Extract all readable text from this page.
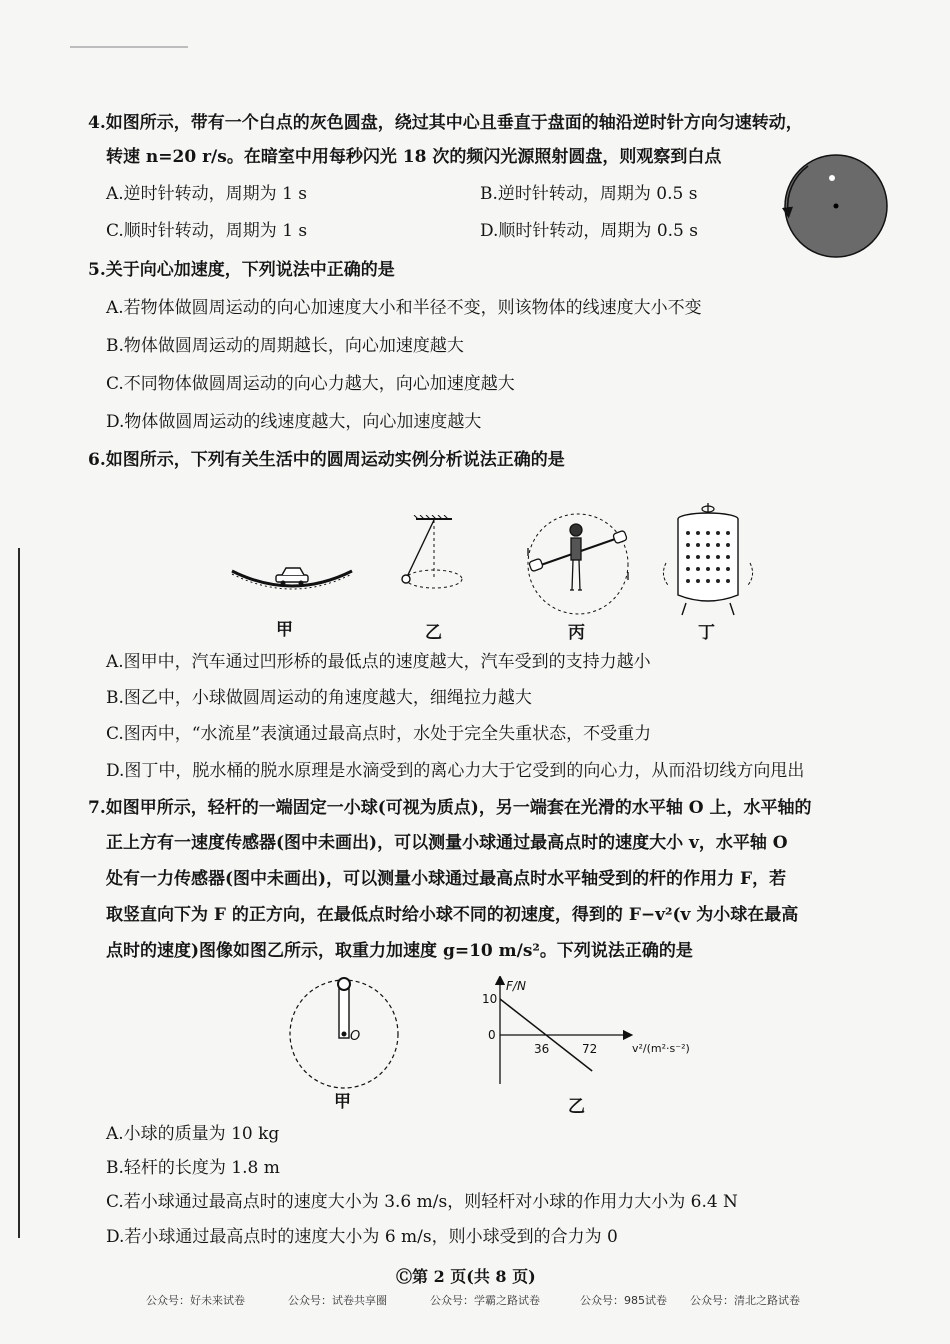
4.如图所示，带有一个白点的灰色圆盘，绕过其中心且垂直于盘面的轴沿逆时针方向匀速转动，
转速 n=20 r/s。在暗室中用每秒闪光 18 次的频闪光源照射圆盘，则观察到白点
A.逆时针转动，周期为 1 s	B.逆时针转动，周期为 0.5 s
C.顺时针转动，周期为 1 s	D.顺时针转动，周期为 0.5 s
5.关于向心加速度，下列说法中正确的是
A.若物体做圆周运动的向心加速度大小和半径不变，则该物体的线速度大小不变
B.物体做圆周运动的周期越长，向心加速度越大
C.不同物体做圆周运动的向心力越大，向心加速度越大
D.物体做圆周运动的线速度越大，向心加速度越大
6.如图所示，下列有关生活中的圆周运动实例分析说法正确的是
甲	乙	丙	丁
A.图甲中，汽车通过凹形桥的最低点的速度越大，汽车受到的支持力越小
B.图乙中，小球做圆周运动的角速度越大，细绳拉力越大
C.图丙中，“水流星”表演通过最高点时，水处于完全失重状态，不受重力
D.图丁中，脱水桶的脱水原理是水滴受到的离心力大于它受到的向心力，从而沿切线方向甩出
7.如图甲所示，轻杆的一端固定一小球(可视为质点)，另一端套在光滑的水平轴 O 上，水平轴的
正上方有一速度传感器(图中未画出)，可以测量小球通过最高点时的速度大小 v，水平轴 O
处有一力传感器(图中未画出)，可以测量小球通过最高点时水平轴受到的杆的作用力 F，若
取竖直向下为 F 的正方向，在最低点时给小球不同的初速度，得到的 F−v²(v 为小球在最高
点时的速度)图像如图乙所示，取重力加速度 g=10 m/s²。下列说法正确的是
O
甲
F/N
v²/(m²·s⁻²)
10
0
36	72
乙
A.小球的质量为 10 kg
B.轻杆的长度为 1.8 m
C.若小球通过最高点时的速度大小为 3.6 m/s，则轻杆对小球的作用力大小为 6.4 N
D.若小球通过最高点时的速度大小为 6 m/s，则小球受到的合力为 0
Ⓒ第 2 页(共 8 页)
公众号：好未来试卷	公众号：试卷共享圈	公众号：学霸之路试卷	公众号：985试卷 公众号：清北之路试卷
